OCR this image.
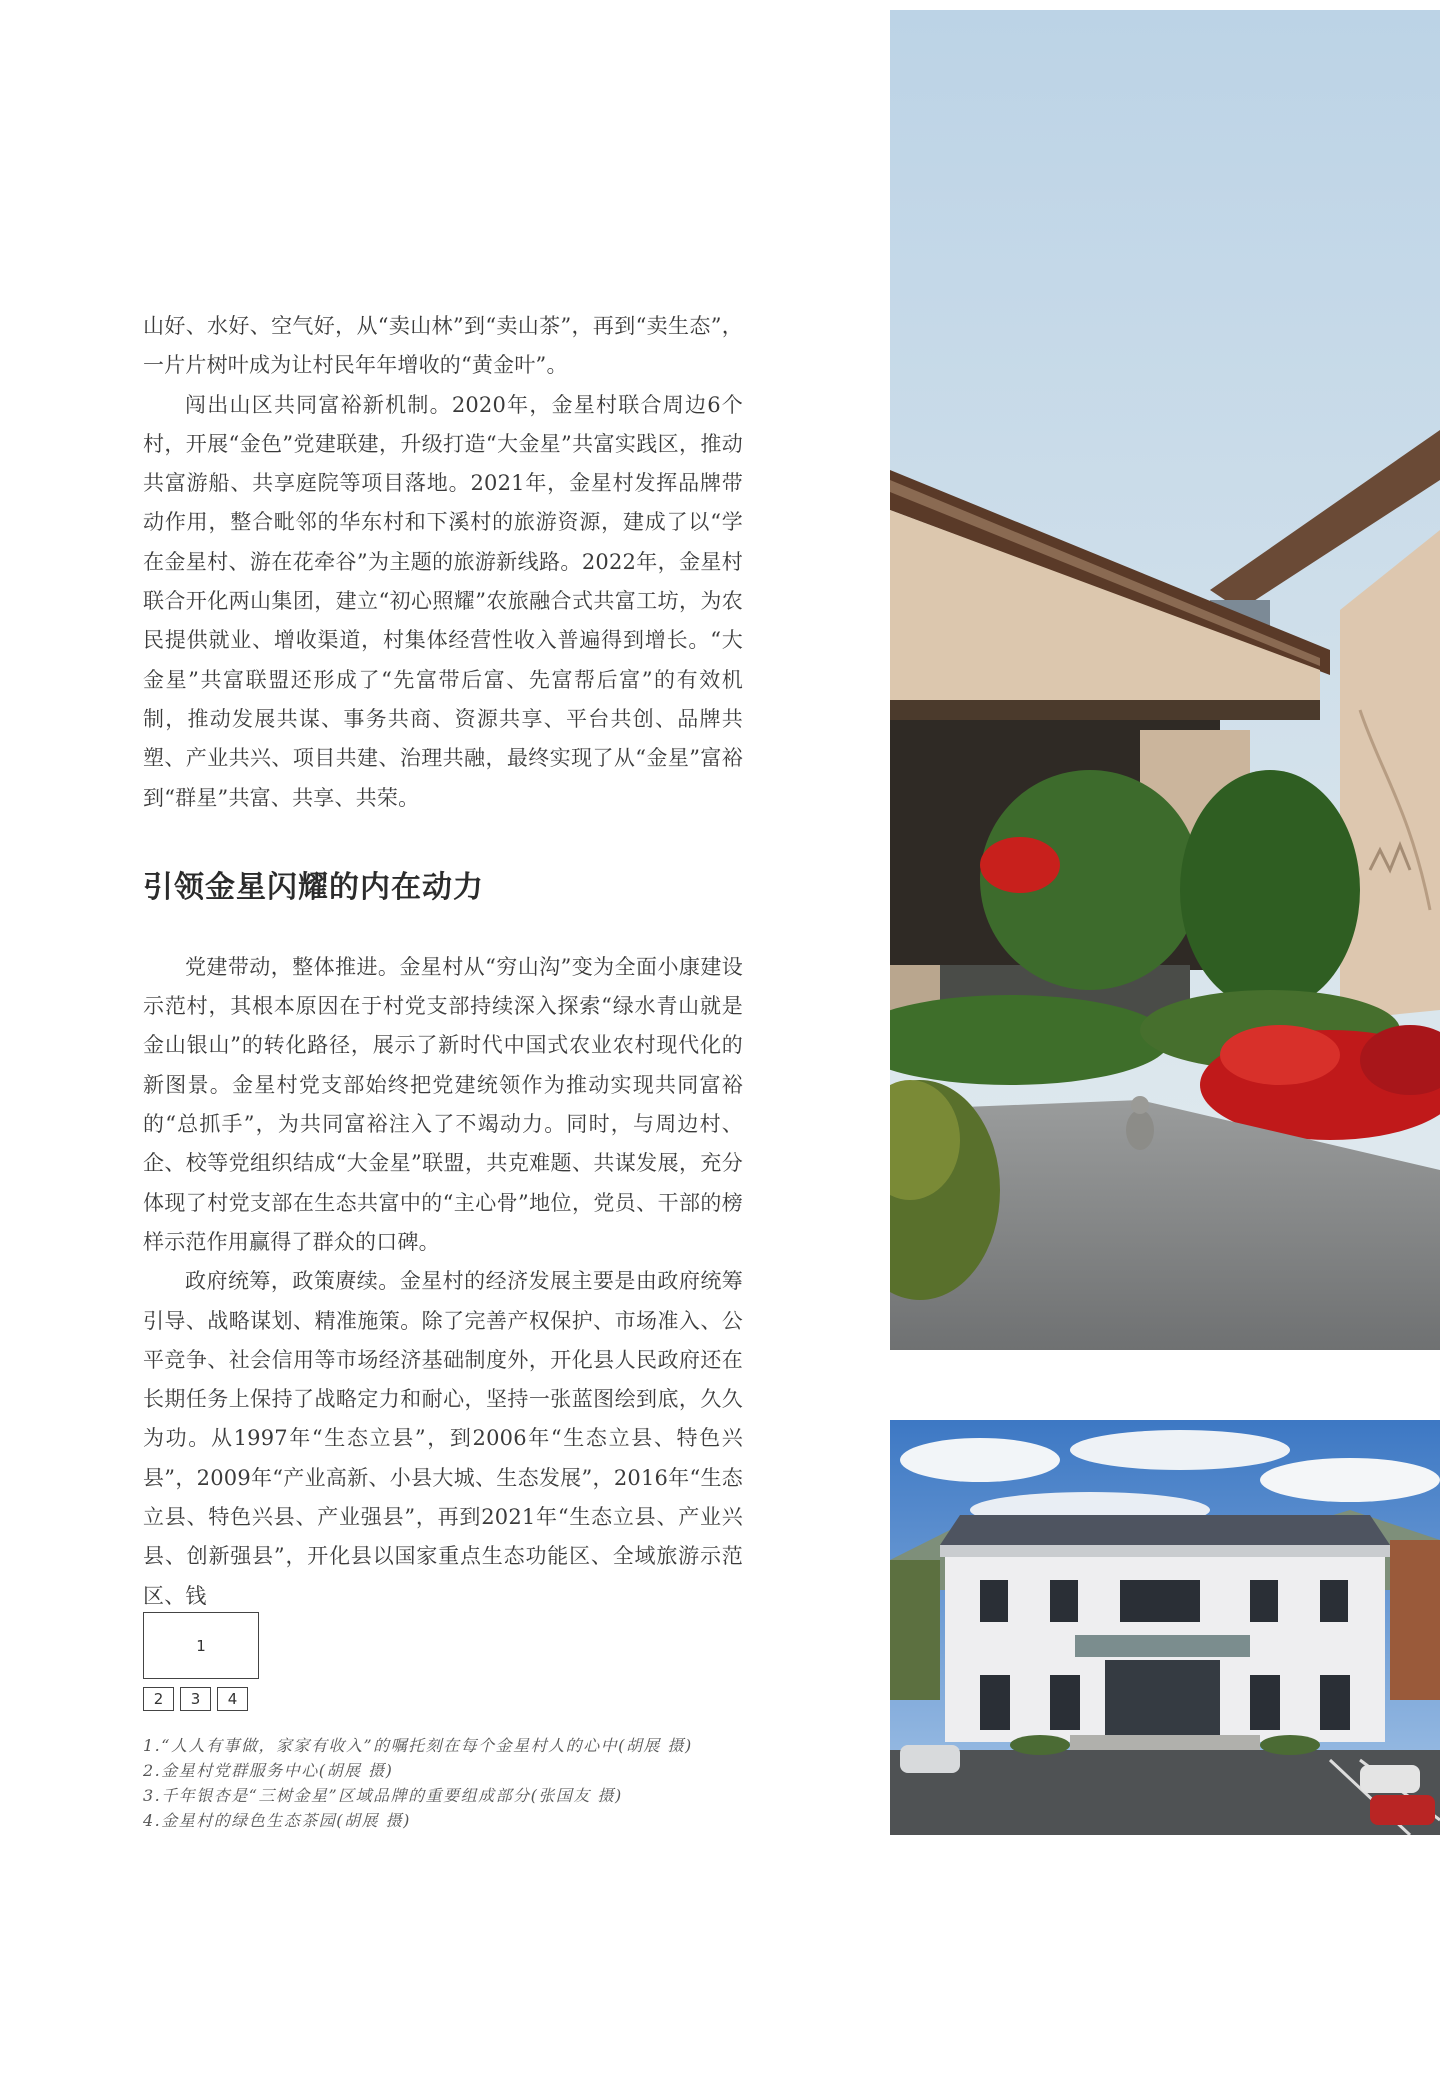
山好、水好、空气好，从“卖山林”到“卖山茶”，再到“卖生态”，一片片树叶成为让村民年年增收的“黄金叶”。

闯出山区共同富裕新机制。2020年，金星村联合周边6个村，开展“金色”党建联建，升级打造“大金星”共富实践区，推动共富游船、共享庭院等项目落地。2021年，金星村发挥品牌带动作用，整合毗邻的华东村和下溪村的旅游资源，建成了以“学在金星村、游在花牵谷”为主题的旅游新线路。2022年，金星村联合开化两山集团，建立“初心照耀”农旅融合式共富工坊，为农民提供就业、增收渠道，村集体经营性收入普遍得到增长。“大金星”共富联盟还形成了“先富带后富、先富帮后富”的有效机制，推动发展共谋、事务共商、资源共享、平台共创、品牌共塑、产业共兴、项目共建、治理共融，最终实现了从“金星”富裕到“群星”共富、共享、共荣。

引领金星闪耀的内在动力

党建带动，整体推进。金星村从“穷山沟”变为全面小康建设示范村，其根本原因在于村党支部持续深入探索“绿水青山就是金山银山”的转化路径，展示了新时代中国式农业农村现代化的新图景。金星村党支部始终把党建统领作为推动实现共同富裕的“总抓手”，为共同富裕注入了不竭动力。同时，与周边村、企、校等党组织结成“大金星”联盟，共克难题、共谋发展，充分体现了村党支部在生态共富中的“主心骨”地位，党员、干部的榜样示范作用赢得了群众的口碑。

政府统筹，政策赓续。金星村的经济发展主要是由政府统筹引导、战略谋划、精准施策。除了完善产权保护、市场准入、公平竞争、社会信用等市场经济基础制度外，开化县人民政府还在长期任务上保持了战略定力和耐心，坚持一张蓝图绘到底，久久为功。从1997年“生态立县”，到2006年“生态立县、特色兴县”，2009年“产业高新、小县大城、生态发展”，2016年“生态立县、特色兴县、产业强县”，再到2021年“生态立县、产业兴县、创新强县”，开化县以国家重点生态功能区、全域旅游示范区、钱

1
2	3	4

1.“人人有事做，家家有收入”的嘱托刻在每个金星村人的心中(胡展 摄)

2.金星村党群服务中心(胡展 摄)

3.千年银杏是“三树金星”区域品牌的重要组成部分(张国友 摄)

4.金星村的绿色生态茶园(胡展 摄)
